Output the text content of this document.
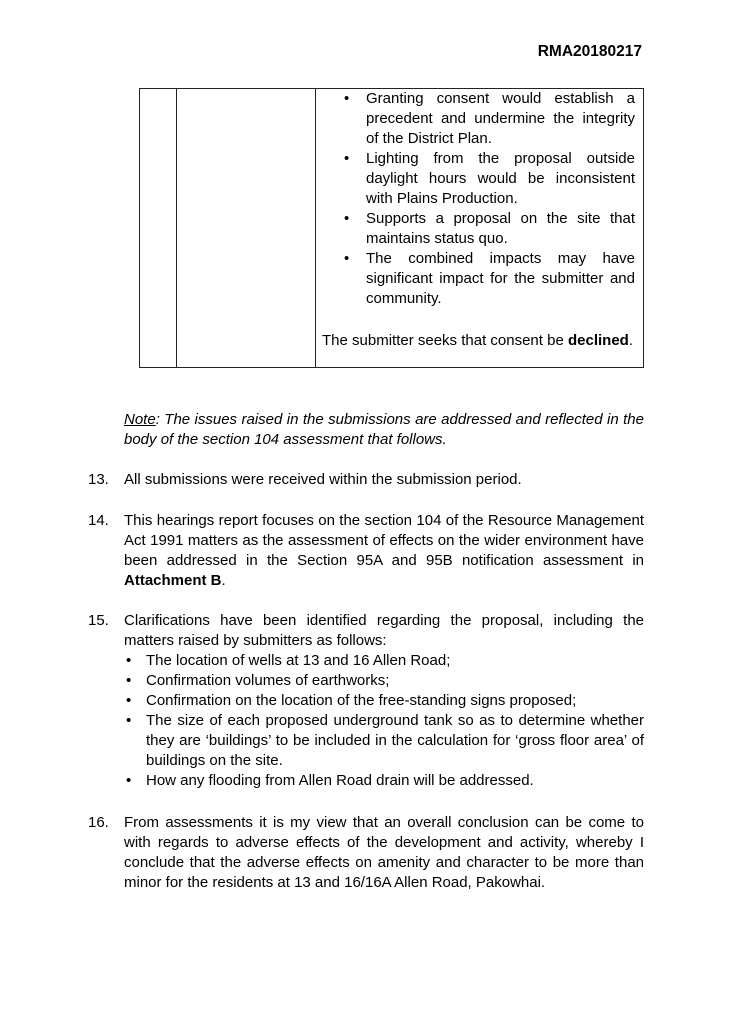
RMA20180217

• Granting consent would establish a precedent and undermine the integrity of the District Plan.
• Lighting from the proposal outside daylight hours would be inconsistent with Plains Production.
• Supports a proposal on the site that maintains status quo.
• The combined impacts may have significant impact for the submitter and community.
The submitter seeks that consent be declined.
Note: The issues raised in the submissions are addressed and reflected in the body of the section 104 assessment that follows.
13.	All submissions were received within the submission period.
14.	This hearings report focuses on the section 104 of the Resource Management Act 1991 matters as the assessment of effects on the wider environment have been addressed in the Section 95A and 95B notification assessment in Attachment B.
15.	Clarifications have been identified regarding the proposal, including the matters raised by submitters as follows:
• The location of wells at 13 and 16 Allen Road;
• Confirmation volumes of earthworks;
• Confirmation on the location of the free-standing signs proposed;
• The size of each proposed underground tank so as to determine whether they are ‘buildings’ to be included in the calculation for ‘gross floor area’ of buildings on the site.
• How any flooding from Allen Road drain will be addressed.
16.	From assessments it is my view that an overall conclusion can be come to with regards to adverse effects of the development and activity, whereby I conclude that the adverse effects on amenity and character to be more than minor for the residents at 13 and 16/16A Allen Road, Pakowhai.
